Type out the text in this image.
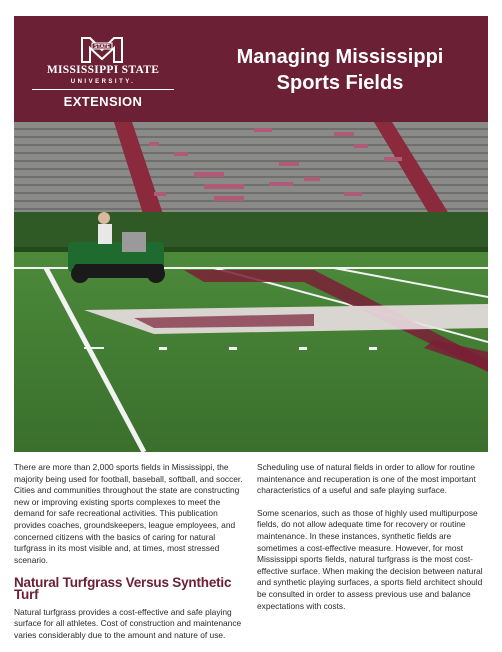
STATE
MISSISSIPPI STATE
UNIVERSITY.
EXTENSION
Managing Mississippi
Sports Fields

There are more than 2,000 sports fields in Mississippi, the majority being used for football, baseball, softball, and soccer. Cities and communities throughout the state are constructing new or improving existing sports complexes to meet the demand for safe recreational activities. This publication provides coaches, groundskeepers, league employees, and concerned citizens with the basics of caring for natural turfgrass in its most visible and, at times, most stressed scenario.

Natural Turfgrass Versus Synthetic Turf

Natural turfgrass provides a cost-effective and safe playing surface for all athletes. Cost of construction and maintenance varies considerably due to the amount and nature of use.

Scheduling use of natural fields in order to allow for routine maintenance and recuperation is one of the most important characteristics of a useful and safe playing surface.

Some scenarios, such as those of highly used multipurpose fields, do not allow adequate time for recovery or routine maintenance. In these instances, synthetic fields are sometimes a cost-effective measure. However, for most Mississippi sports fields, natural turfgrass is the most cost-effective surface. When making the decision between natural and synthetic playing surfaces, a sports field architect should be consulted in order to assess previous use and balance expectations with costs.
